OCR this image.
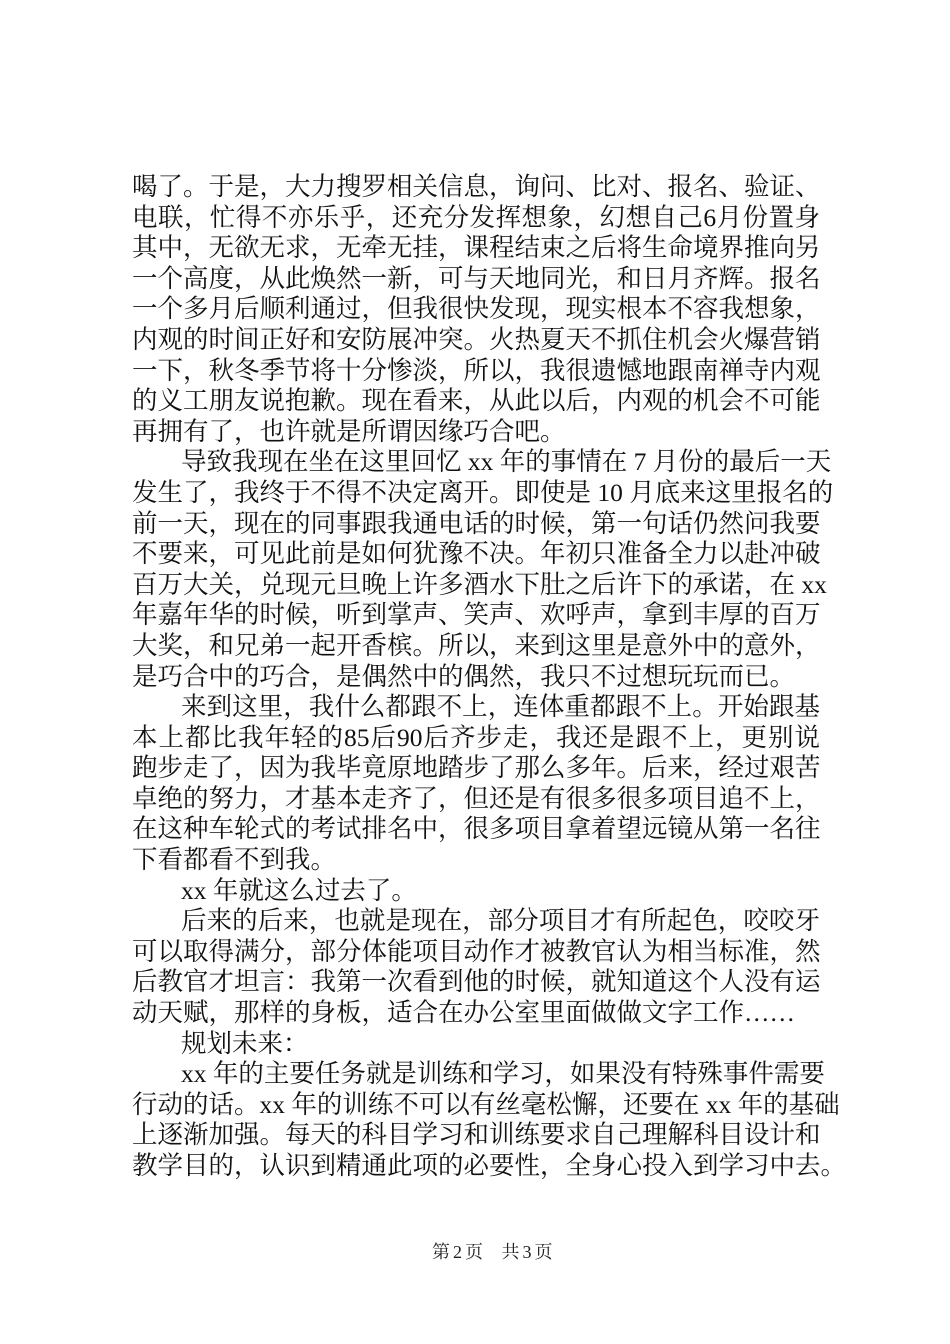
喝了。于是，大力搜罗相关信息，询问、比对、报名、验证、
电联，忙得不亦乐乎，还充分发挥想象，幻想自己6月份置身
其中，无欲无求，无牵无挂，课程结束之后将生命境界推向另
一个高度，从此焕然一新，可与天地同光，和日月齐辉。报名
一个多月后顺利通过，但我很快发现，现实根本不容我想象，
内观的时间正好和安防展冲突。火热夏天不抓住机会火爆营销
一下，秋冬季节将十分惨淡，所以，我很遗憾地跟南禅寺内观
的义工朋友说抱歉。现在看来，从此以后，内观的机会不可能
再拥有了，也许就是所谓因缘巧合吧。
导致我现在坐在这里回忆 xx 年的事情在 7 月份的最后一天
发生了，我终于不得不决定离开。即使是 10 月底来这里报名的
前一天，现在的同事跟我通电话的时候，第一句话仍然问我要
不要来，可见此前是如何犹豫不决。年初只准备全力以赴冲破
百万大关，兑现元旦晚上许多酒水下肚之后许下的承诺，在 xx
年嘉年华的时候，听到掌声、笑声、欢呼声，拿到丰厚的百万
大奖，和兄弟一起开香槟。所以，来到这里是意外中的意外，
是巧合中的巧合，是偶然中的偶然，我只不过想玩玩而已。
来到这里，我什么都跟不上，连体重都跟不上。开始跟基
本上都比我年轻的85后90后齐步走，我还是跟不上，更别说
跑步走了，因为我毕竟原地踏步了那么多年。后来，经过艰苦
卓绝的努力，才基本走齐了，但还是有很多很多项目追不上，
在这种车轮式的考试排名中，很多项目拿着望远镜从第一名往
下看都看不到我。
xx 年就这么过去了。
后来的后来，也就是现在，部分项目才有所起色，咬咬牙
可以取得满分，部分体能项目动作才被教官认为相当标准，然
后教官才坦言：我第一次看到他的时候，就知道这个人没有运
动天赋，那样的身板，适合在办公室里面做做文字工作……
规划未来：
xx 年的主要任务就是训练和学习，如果没有特殊事件需要
行动的话。xx 年的训练不可以有丝毫松懈，还要在 xx 年的基础
上逐渐加强。每天的科目学习和训练要求自己理解科目设计和
教学目的，认识到精通此项的必要性，全身心投入到学习中去。
第2页 共3页
